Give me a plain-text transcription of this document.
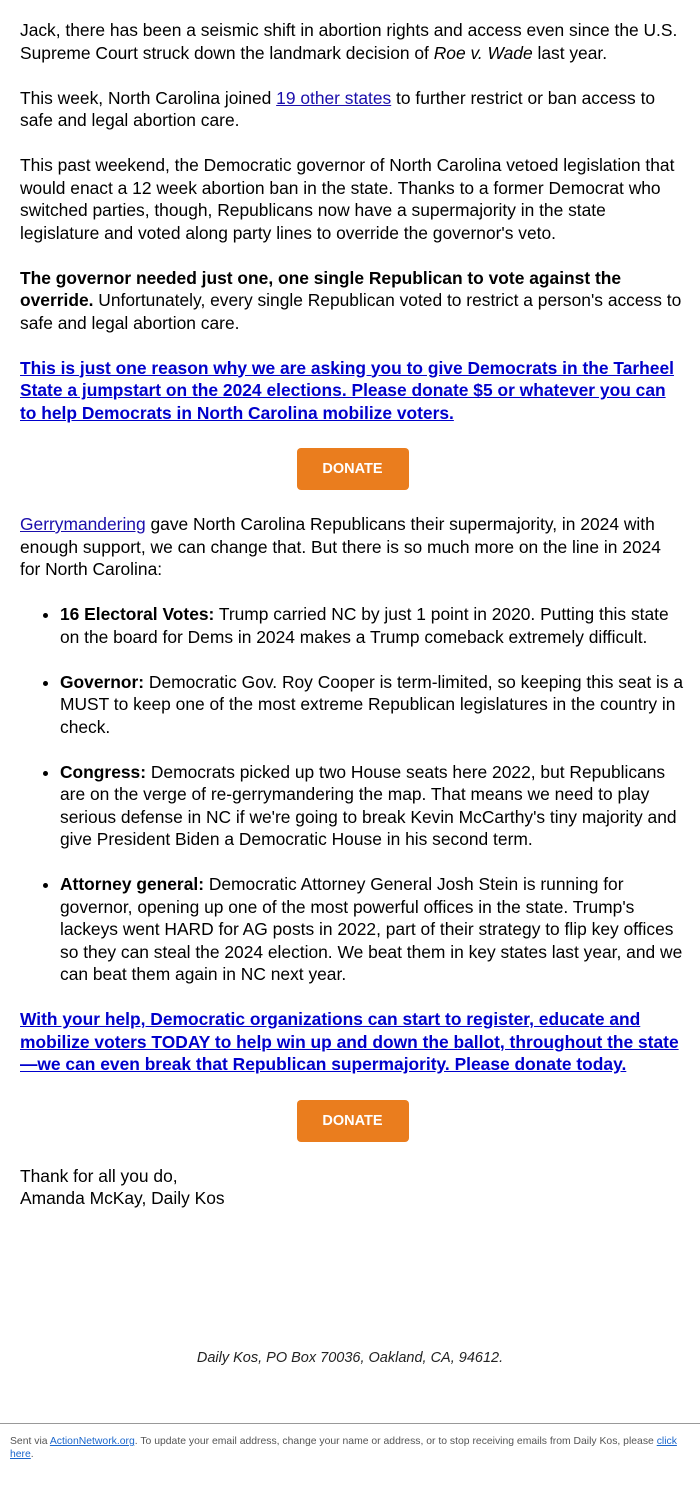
Jack, there has been a seismic shift in abortion rights and access even since the U.S. Supreme Court struck down the landmark decision of Roe v. Wade last year.

This week, North Carolina joined 19 other states to further restrict or ban access to safe and legal abortion care.

This past weekend, the Democratic governor of North Carolina vetoed legislation that would enact a 12 week abortion ban in the state. Thanks to a former Democrat who switched parties, though, Republicans now have a supermajority in the state legislature and voted along party lines to override the governor's veto.

The governor needed just one, one single Republican to vote against the override. Unfortunately, every single Republican voted to restrict a person's access to safe and legal abortion care.

This is just one reason why we are asking you to give Democrats in the Tarheel State a jumpstart on the 2024 elections. Please donate $5 or whatever you can to help Democrats in North Carolina mobilize voters.

DONATE

Gerrymandering gave North Carolina Republicans their supermajority, in 2024 with enough support, we can change that. But there is so much more on the line in 2024 for North Carolina:

• 16 Electoral Votes: Trump carried NC by just 1 point in 2020. Putting this state on the board for Dems in 2024 makes a Trump comeback extremely difficult.
• Governor: Democratic Gov. Roy Cooper is term-limited, so keeping this seat is a MUST to keep one of the most extreme Republican legislatures in the country in check.
• Congress: Democrats picked up two House seats here 2022, but Republicans are on the verge of re-gerrymandering the map. That means we need to play serious defense in NC if we're going to break Kevin McCarthy's tiny majority and give President Biden a Democratic House in his second term.
• Attorney general: Democratic Attorney General Josh Stein is running for governor, opening up one of the most powerful offices in the state. Trump's lackeys went HARD for AG posts in 2022, part of their strategy to flip key offices so they can steal the 2024 election. We beat them in key states last year, and we can beat them again in NC next year.

With your help, Democratic organizations can start to register, educate and mobilize voters TODAY to help win up and down the ballot, throughout the state—we can even break that Republican supermajority. Please donate today.

DONATE

Thank for all you do,

Amanda McKay, Daily Kos

Daily Kos, PO Box 70036, Oakland, CA, 94612.

Sent via ActionNetwork.org. To update your email address, change your name or address, or to stop receiving emails from Daily Kos, please click here.
